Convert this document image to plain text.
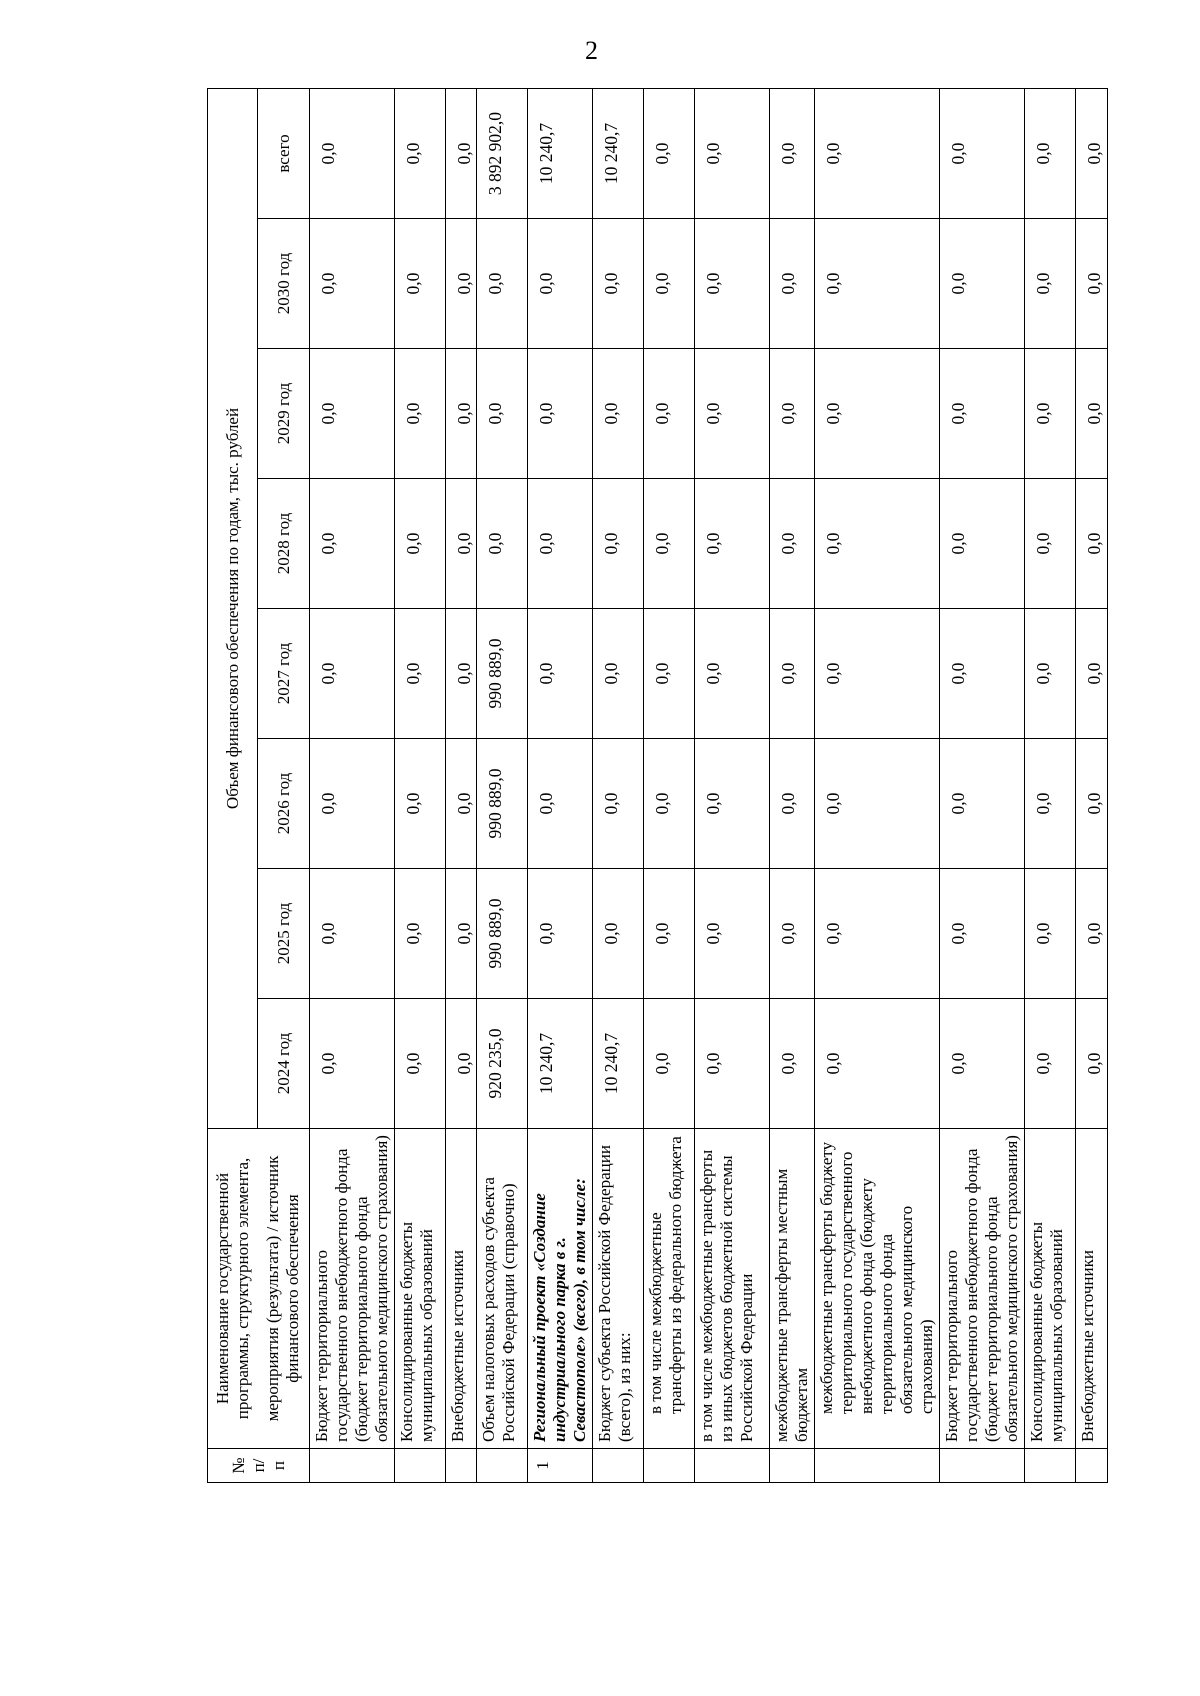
2
№ п/п	Наименование государственной программы, структурного элемента,	Объем финансового обеспечения по годам, тыс. рублей							
	мероприятия (результата) / источник финансового обеспечения	2024 год	2025 год	2026 год	2027 год	2028 год	2029 год	2030 год	всего
	Бюджет территориального государственного внебюджетного фонда (бюджет территориального фонда обязательного медицинского страхования)	0,0	0,0	0,0	0,0	0,0	0,0	0,0	0,0
	Консолидированные бюджеты муниципальных образований	0,0	0,0	0,0	0,0	0,0	0,0	0,0	0,0
	Внебюджетные источники	0,0	0,0	0,0	0,0	0,0	0,0	0,0	0,0
	Объем налоговых расходов субъекта Российской Федерации (справочно)	920 235,0	990 889,0	990 889,0	990 889,0	0,0	0,0	0,0	3 892 902,0
1	Региональный проект «Создание индустриального парка в г. Севастополе» (всего), в том числе:	10 240,7	0,0	0,0	0,0	0,0	0,0	0,0	10 240,7
	Бюджет субъекта Российской Федерации (всего), из них:	10 240,7	0,0	0,0	0,0	0,0	0,0	0,0	10 240,7
	в том числе межбюджетные трансферты из федерального бюджета	0,0	0,0	0,0	0,0	0,0	0,0	0,0	0,0
	в том числе межбюджетные трансферты из иных бюджетов бюджетной системы Российской Федерации	0,0	0,0	0,0	0,0	0,0	0,0	0,0	0,0
	межбюджетные трансферты местным бюджетам	0,0	0,0	0,0	0,0	0,0	0,0	0,0	0,0
	межбюджетные трансферты бюджету территориального государственного внебюджетного фонда (бюджету территориального фонда обязательного медицинского страхования)	0,0	0,0	0,0	0,0	0,0	0,0	0,0	0,0
	Бюджет территориального государственного внебюджетного фонда (бюджет территориального фонда обязательного медицинского страхования)	0,0	0,0	0,0	0,0	0,0	0,0	0,0	0,0
	Консолидированные бюджеты муниципальных образований	0,0	0,0	0,0	0,0	0,0	0,0	0,0	0,0
	Внебюджетные источники	0,0	0,0	0,0	0,0	0,0	0,0	0,0	0,0
